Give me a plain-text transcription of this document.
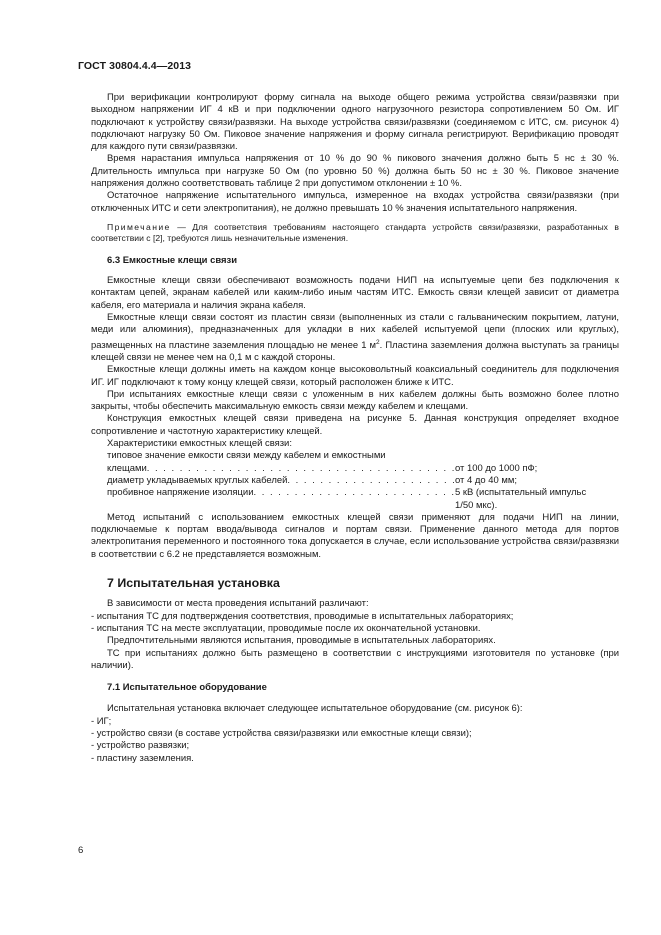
ГОСТ 30804.4.4—2013

При верификации контролируют форму сигнала на выходе общего режима устройства связи/развязки при выходном напряжении ИГ 4 кВ и при подключении одного нагрузочного резистора сопротивлением 50 Ом. ИГ подключают к устройству связи/развязки. На выходе устройства связи/развязки (соединяемом с ИТС, см. рисунок 4) подключают нагрузку 50 Ом. Пиковое значение напряжения и форму сигнала регистрируют. Верификацию проводят для каждого пути связи/развязки.

Время нарастания импульса напряжения от 10 % до 90 % пикового значения должно быть 5 нс ± 30 %. Длительность импульса при нагрузке 50 Ом (по уровню 50 %) должна быть 50 нс ± 30 %. Пиковое значение напряжения должно соответствовать таблице 2 при допустимом отклонении ± 10 %.

Остаточное напряжение испытательного импульса, измеренное на входах устройства связи/развязки (при отключенных ИТС и сети электропитания), не должно превышать 10 % значения испытательного напряжения.

Примечание — Для соответствия требованиям настоящего стандарта устройств связи/развязки, разработанных в соответствии с [2], требуются лишь незначительные изменения.

6.3 Емкостные клещи связи

Емкостные клещи связи обеспечивают возможность подачи НИП на испытуемые цепи без подключения к контактам цепей, экранам кабелей или каким-либо иным частям ИТС. Емкость связи клещей зависит от диаметра кабеля, его материала и наличия экрана кабеля.

Емкостные клещи связи состоят из пластин связи (выполненных из стали с гальваническим покрытием, латуни, меди или алюминия), предназначенных для укладки в них кабелей испытуемой цепи (плоских или круглых), размещенных на пластине заземления площадью не менее 1 $м^2$. Пластина заземления должна выступать за границы клещей связи не менее чем на 0,1 м с каждой стороны.

Емкостные клещи должны иметь на каждом конце высоковольтный коаксиальный соединитель для подключения ИГ. ИГ подключают к тому концу клещей связи, который расположен ближе к ИТС.

При испытаниях емкостные клещи связи с уложенным в них кабелем должны быть возможно более плотно закрыты, чтобы обеспечить максимальную емкость связи между кабелем и клещами.

Конструкция емкостных клещей связи приведена на рисунке 5. Данная конструкция определяет входное сопротивление и частотную характеристику клещей.

Характеристики емкостных клещей связи:
типовое значение емкости связи между кабелем и емкостными
клещами . . .	от 100 до 1000 пФ;
диаметр укладываемых круглых кабелей . . .	от 4 до 40 мм;
пробивное напряжение изоляции . . .	5 кВ (испытательный импульс
1/50 мкс).

Метод испытаний с использованием емкостных клещей связи применяют для подачи НИП на линии, подключаемые к портам ввода/вывода сигналов и портам связи. Применение данного метода для портов электропитания переменного и постоянного тока допускается в случае, если использование устройства связи/развязки в соответствии с 6.2 не представляется возможным.

7 Испытательная установка

В зависимости от места проведения испытаний различают:

- испытания ТС для подтверждения соответствия, проводимые в испытательных лабораториях;

- испытания ТС на месте эксплуатации, проводимые после их окончательной установки.

Предпочтительными являются испытания, проводимые в испытательных лабораториях.

ТС при испытаниях должно быть размещено в соответствии с инструкциями изготовителя по установке (при наличии).

7.1 Испытательное оборудование

Испытательная установка включает следующее испытательное оборудование (см. рисунок 6):

- ИГ;

- устройство связи (в составе устройства связи/развязки или емкостные клещи связи);

- устройство развязки;

- пластину заземления.

6
